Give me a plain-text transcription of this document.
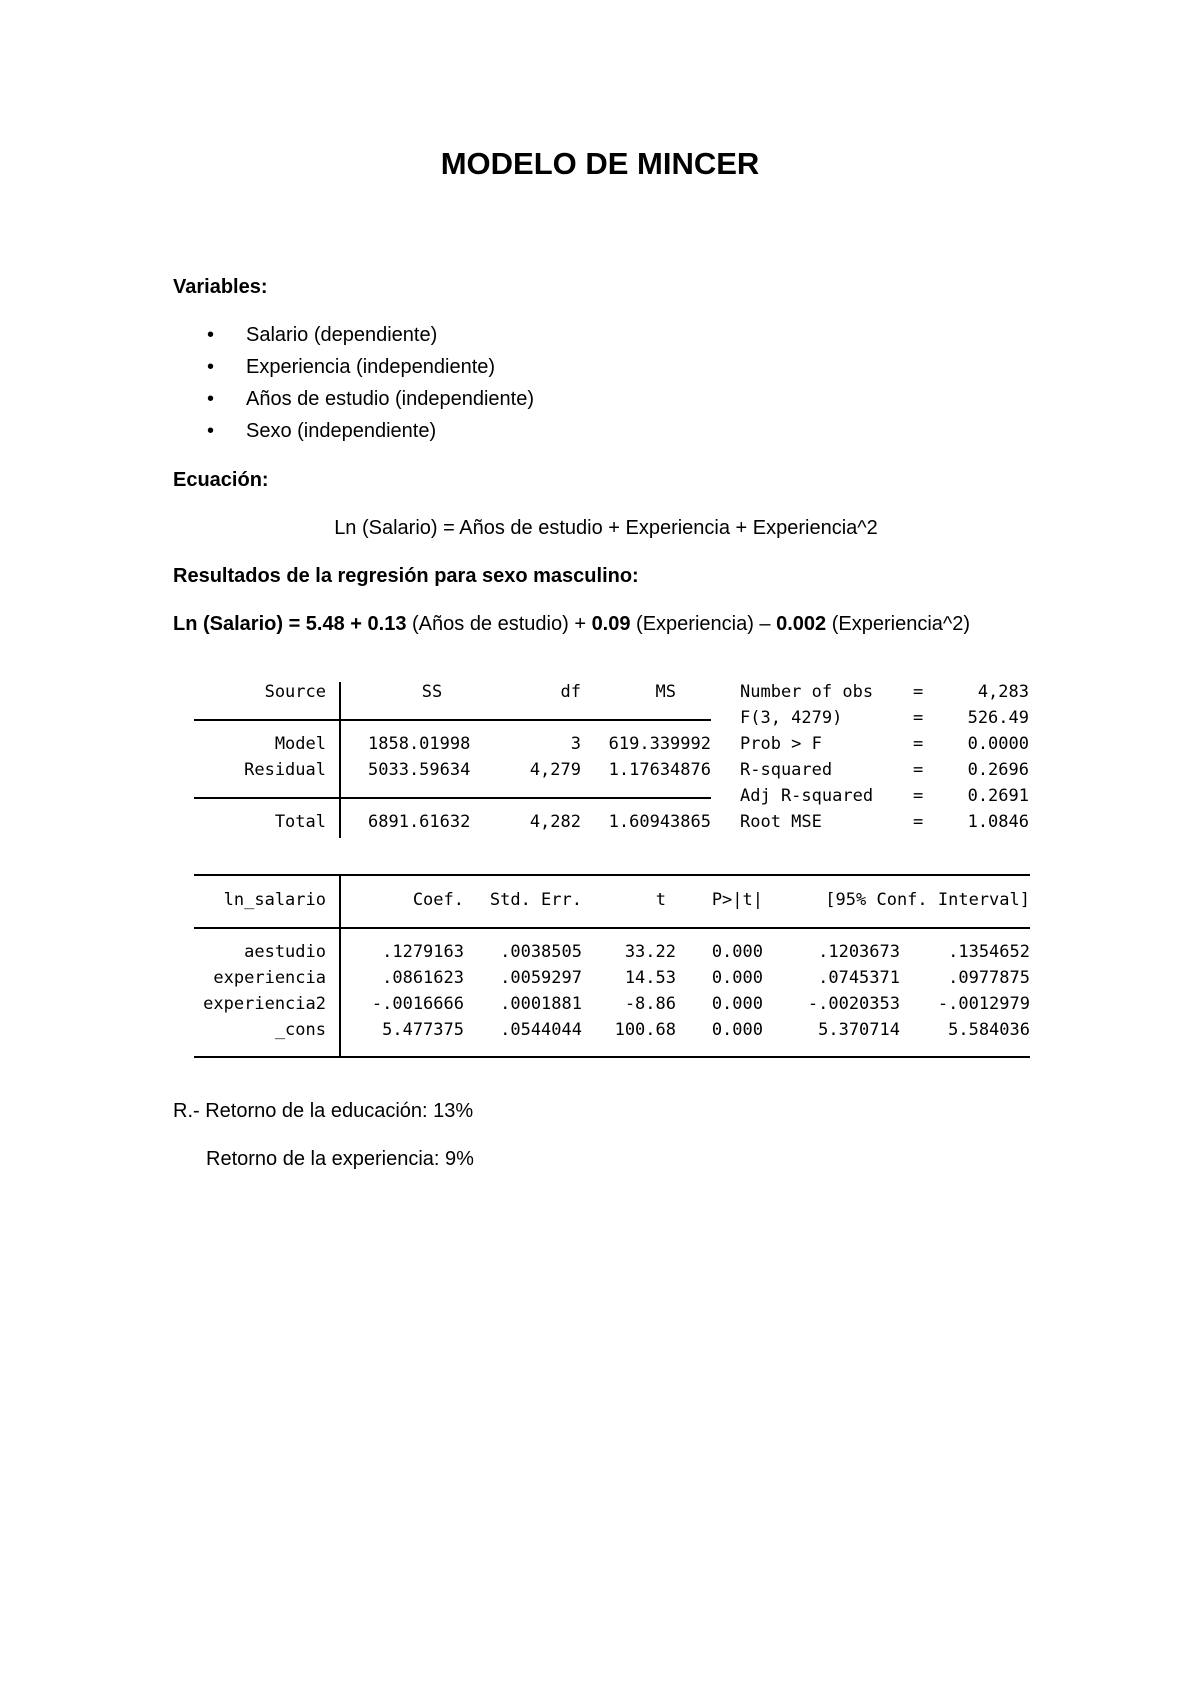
MODELO DE MINCER
Variables:
• Salario (dependiente)
• Experiencia (independiente)
• Años de estudio (independiente)
• Sexo (independiente)
Ecuación:
Ln (Salario) = Años de estudio + Experiencia + Experiencia^2
Resultados de la regresión para sexo masculino:
Ln (Salario) = 5.48 + 0.13 (Años de estudio) + 0.09 (Experiencia) – 0.002 (Experiencia^2)
Source	SS	df	MS
Model 1858.01998	3	619.339992
Residual 5033.59634	4,279	1.17634876
Total 6891.61632	4,282	1.60943865
Number of obs =	4,283
F(3, 4279)	=	526.49
Prob > F	=	0.0000
R-squared	=	0.2696
Adj R-squared =	0.2691
Root MSE	=	1.0846
ln_salario	Coef.	Std. Err.	t	P>|t|	[95% Conf. Interval]
aestudio	.1279163	.0038505	33.22	0.000	.1203673	.1354652
experiencia	.0861623	.0059297	14.53	0.000	.0745371	.0977875
experiencia2	-.0016666	.0001881	-8.86	0.000	-.0020353	-.0012979
_cons	5.477375	.0544044	100.68	0.000	5.370714	5.584036
R.- Retorno de la educación: 13%
Retorno de la experiencia: 9%
